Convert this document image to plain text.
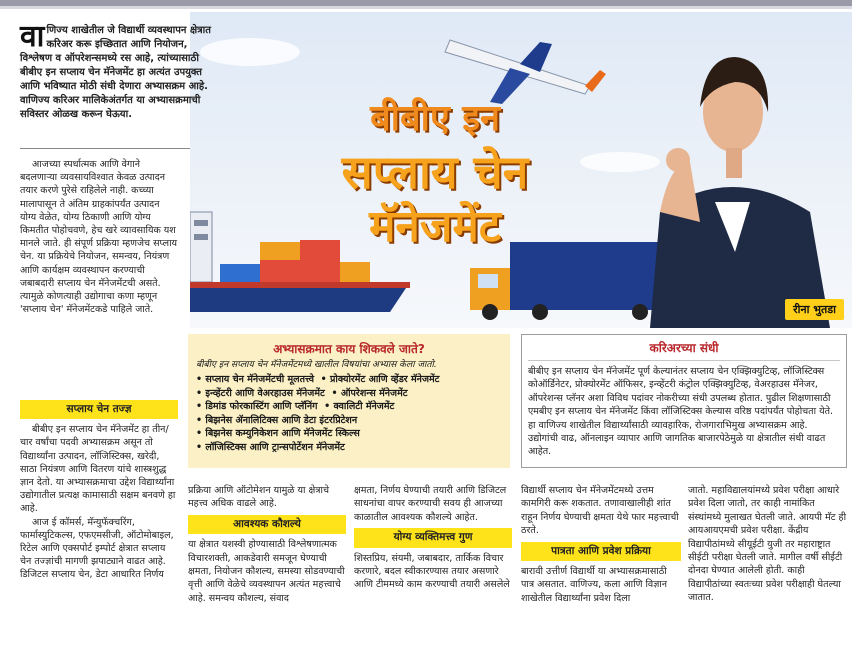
बीबीए इन
सप्लाय चेन
मॅनेजमेंट
रीना भुतडा
वाणिज्य शाखेतील जे विद्यार्थी व्यवस्थापन क्षेत्रात करिअर करू इच्छितात आणि नियोजन, विश्लेषण व ऑपरेशन्समध्ये रस आहे, त्यांच्यासाठी बीबीए इन सप्लाय चेन मॅनेजमेंट हा अत्यंत उपयुक्त आणि भविष्यात मोठी संधी देणारा अभ्यासक्रम आहे. वाणिज्य करिअर मालिकेअंतर्गत या अभ्यासक्रमाची सविस्तर ओळख करून घेऊया.

आजच्या स्पर्धात्मक आणि वेगाने बदलणाऱ्या व्यवसायविश्वात केवळ उत्पादन तयार करणे पुरेसे राहिलेले नाही. कच्च्या मालापासून ते अंतिम ग्राहकांपर्यंत उत्पादन योग्य वेळेत, योग्य ठिकाणी आणि योग्य किमतीत पोहोचवणे, हेच खरे व्यावसायिक यश मानले जाते. ही संपूर्ण प्रक्रिया म्हणजेच सप्लाय चेन. या प्रक्रियेचे नियोजन, समन्वय, नियंत्रण आणि कार्यक्षम व्यवस्थापन करण्याची जबाबदारी सप्लाय चेन मॅनेजमेंटची असते. त्यामुळे कोणत्याही उद्योगाचा कणा म्हणून 'सप्लाय चेन' मॅनेजमेंटकडे पाहिले जाते.

सप्लाय चेन तज्ज्ञ

बीबीए इन सप्लाय चेन मॅनेजमेंट हा तीन/चार वर्षांचा पदवी अभ्यासक्रम असून तो विद्यार्थ्यांना उत्पादन, लॉजिस्टिक्स, खरेदी, साठा नियंत्रण आणि वितरण यांचे शास्त्रशुद्ध ज्ञान देतो. या अभ्यासक्रमाचा उद्देश विद्यार्थ्यांना उद्योगातील प्रत्यक्ष कामासाठी सक्षम बनवणे हा आहे.

आज ई कॉमर्स, मॅन्युफॅक्चरिंग, फार्मास्युटिकल्स, एफएमसीजी, ऑटोमोबाइल, रिटेल आणि एक्सपोर्ट इम्पोर्ट क्षेत्रात सप्लाय चेन तज्ज्ञांची मागणी झपाट्याने वाढत आहे. डिजिटल सप्लाय चेन, डेटा आधारित निर्णय

अभ्यासक्रमात काय शिकवले जाते?
बीबीए इन सप्लाय चेन मॅनेजमेंटमध्ये खालील विषयांचा अभ्यास केला जातो.
• सप्लाय चेन मॅनेजमेंटची मूलतत्त्वे
• प्रोक्योरमेंट आणि व्हेंडर मॅनेजमेंट
• इन्व्हेंटरी आणि वेअरहाउस मॅनेजमेंट
• ऑपरेशन्स मॅनेजमेंट
• डिमांड फोरकास्टिंग आणि प्लॅनिंग
• क्वालिटी मॅनेजमेंट
• बिझनेस ॲनालिटिक्स आणि डेटा इंटरप्रिटेशन
• बिझनेस कम्युनिकेशन आणि मॅनेजमेंट स्किल्स
• लॉजिस्टिक्स आणि ट्रान्सपोर्टेशन मॅनेजमेंट
करिअरच्या संधी
बीबीए इन सप्लाय चेन मॅनेजमेंट पूर्ण केल्यानंतर सप्लाय चेन एक्झिक्युटिव्ह, लॉजिस्टिक्स कोऑर्डिनेटर, प्रोक्योरमेंट ऑफिसर, इन्व्हेंटरी कंट्रोल एक्झिक्युटिव्ह, वेअरहाउस मॅनेजर, ऑपरेशन्स प्लॅनर अशा विविध पदांवर नोकरीच्या संधी उपलब्ध होतात. पुढील शिक्षणासाठी एमबीए इन सप्लाय चेन मॅनेजमेंट किंवा लॉजिस्टिक्स केल्यास वरिष्ठ पदांपर्यंत पोहोचता येते. हा वाणिज्य शाखेतील विद्यार्थ्यांसाठी व्यावहारिक, रोजगाराभिमुख अभ्यासक्रम आहे. उद्योगांची वाढ, ऑनलाइन व्यापार आणि जागतिक बाजारपेठेमुळे या क्षेत्रातील संधी वाढत आहेत.

प्रक्रिया आणि ऑटोमेशन यामुळे या क्षेत्राचे महत्त्व अधिक वाढले आहे.

आवश्यक कौशल्ये

या क्षेत्रात यशस्वी होण्यासाठी विश्लेषणात्मक विचारशक्ती, आकडेवारी समजून घेण्याची क्षमता, नियोजन कौशल्य, समस्या सोडवण्याची वृत्ती आणि वेळेचे व्यवस्थापन अत्यंत महत्त्वाचे आहे. समन्वय कौशल्य, संवाद

क्षमता, निर्णय घेण्याची तयारी आणि डिजिटल साधनांचा वापर करण्याची सवय ही आजच्या काळातील आवश्यक कौशल्ये आहेत.

योग्य व्यक्तिमत्त्व गुण

शिस्तप्रिय, संयमी, जबाबदार, तार्किक विचार करणारे, बदल स्वीकारण्यास तयार असणारे आणि टीममध्ये काम करण्याची तयारी असलेले

विद्यार्थी सप्लाय चेन मॅनेजमेंटमध्ये उत्तम कामगिरी करू शकतात. तणावाखालीही शांत राहून निर्णय घेण्याची क्षमता येथे फार महत्त्वाची ठरते.

पात्रता आणि प्रवेश प्रक्रिया

बारावी उत्तीर्ण विद्यार्थी या अभ्यासक्रमासाठी पात्र असतात. वाणिज्य, कला आणि विज्ञान शाखेतील विद्यार्थ्यांना प्रवेश दिला

जातो. महाविद्यालयांमध्ये प्रवेश परीक्षा आधारे प्रवेश दिला जातो, तर काही नामांकित संस्थांमध्ये मुलाखत घेतली जाते. आयपी मॅट ही आयआयएमची प्रवेश परीक्षा. केंद्रीय विद्यापीठांमध्ये सीयूईटी युजी तर महाराष्ट्रात सीईटी परीक्षा घेतली जाते. मागील वर्षी सीईटी दोनदा घेण्यात आलेली होती. काही विद्यापीठांच्या स्वतःच्या प्रवेश परीक्षाही घेतल्या जातात.
